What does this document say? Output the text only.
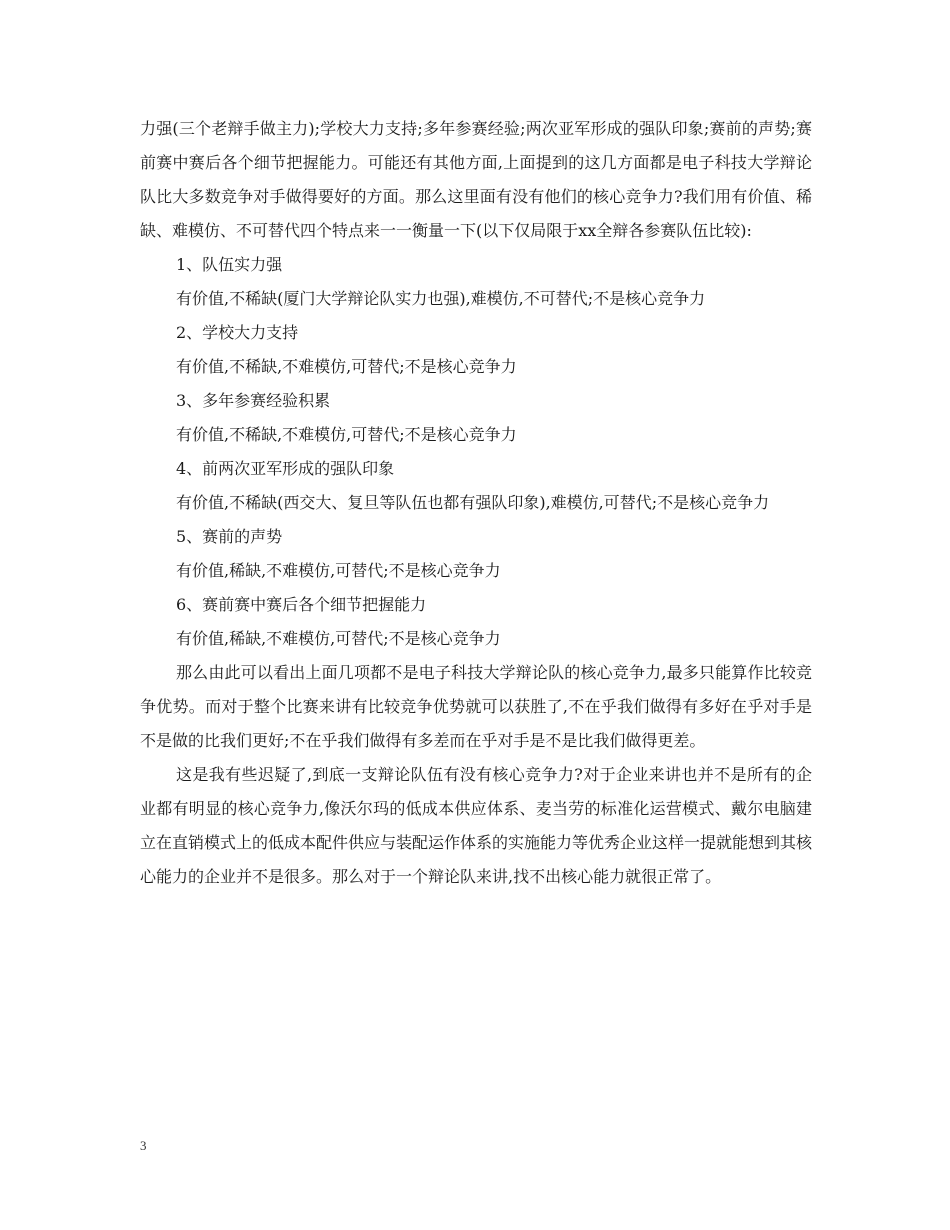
力强(三个老辩手做主力);学校大力支持;多年参赛经验;两次亚军形成的强队印象;赛前的声势;赛前赛中赛后各个细节把握能力。可能还有其他方面,上面提到的这几方面都是电子科技大学辩论队比大多数竞争对手做得要好的方面。那么这里面有没有他们的核心竞争力?我们用有价值、稀缺、难模仿、不可替代四个特点来一一衡量一下(以下仅局限于xx全辩各参赛队伍比较):

1、队伍实力强

有价值,不稀缺(厦门大学辩论队实力也强),难模仿,不可替代;不是核心竞争力

2、学校大力支持

有价值,不稀缺,不难模仿,可替代;不是核心竞争力

3、多年参赛经验积累

有价值,不稀缺,不难模仿,可替代;不是核心竞争力

4、前两次亚军形成的强队印象

有价值,不稀缺(西交大、复旦等队伍也都有强队印象),难模仿,可替代;不是核心竞争力

5、赛前的声势

有价值,稀缺,不难模仿,可替代;不是核心竞争力

6、赛前赛中赛后各个细节把握能力

有价值,稀缺,不难模仿,可替代;不是核心竞争力

那么由此可以看出上面几项都不是电子科技大学辩论队的核心竞争力,最多只能算作比较竞争优势。而对于整个比赛来讲有比较竞争优势就可以获胜了,不在乎我们做得有多好在乎对手是不是做的比我们更好;不在乎我们做得有多差而在乎对手是不是比我们做得更差。

这是我有些迟疑了,到底一支辩论队伍有没有核心竞争力?对于企业来讲也并不是所有的企业都有明显的核心竞争力,像沃尔玛的低成本供应体系、麦当劳的标准化运营模式、戴尔电脑建立在直销模式上的低成本配件供应与装配运作体系的实施能力等优秀企业这样一提就能想到其核心能力的企业并不是很多。那么对于一个辩论队来讲,找不出核心能力就很正常了。

3
